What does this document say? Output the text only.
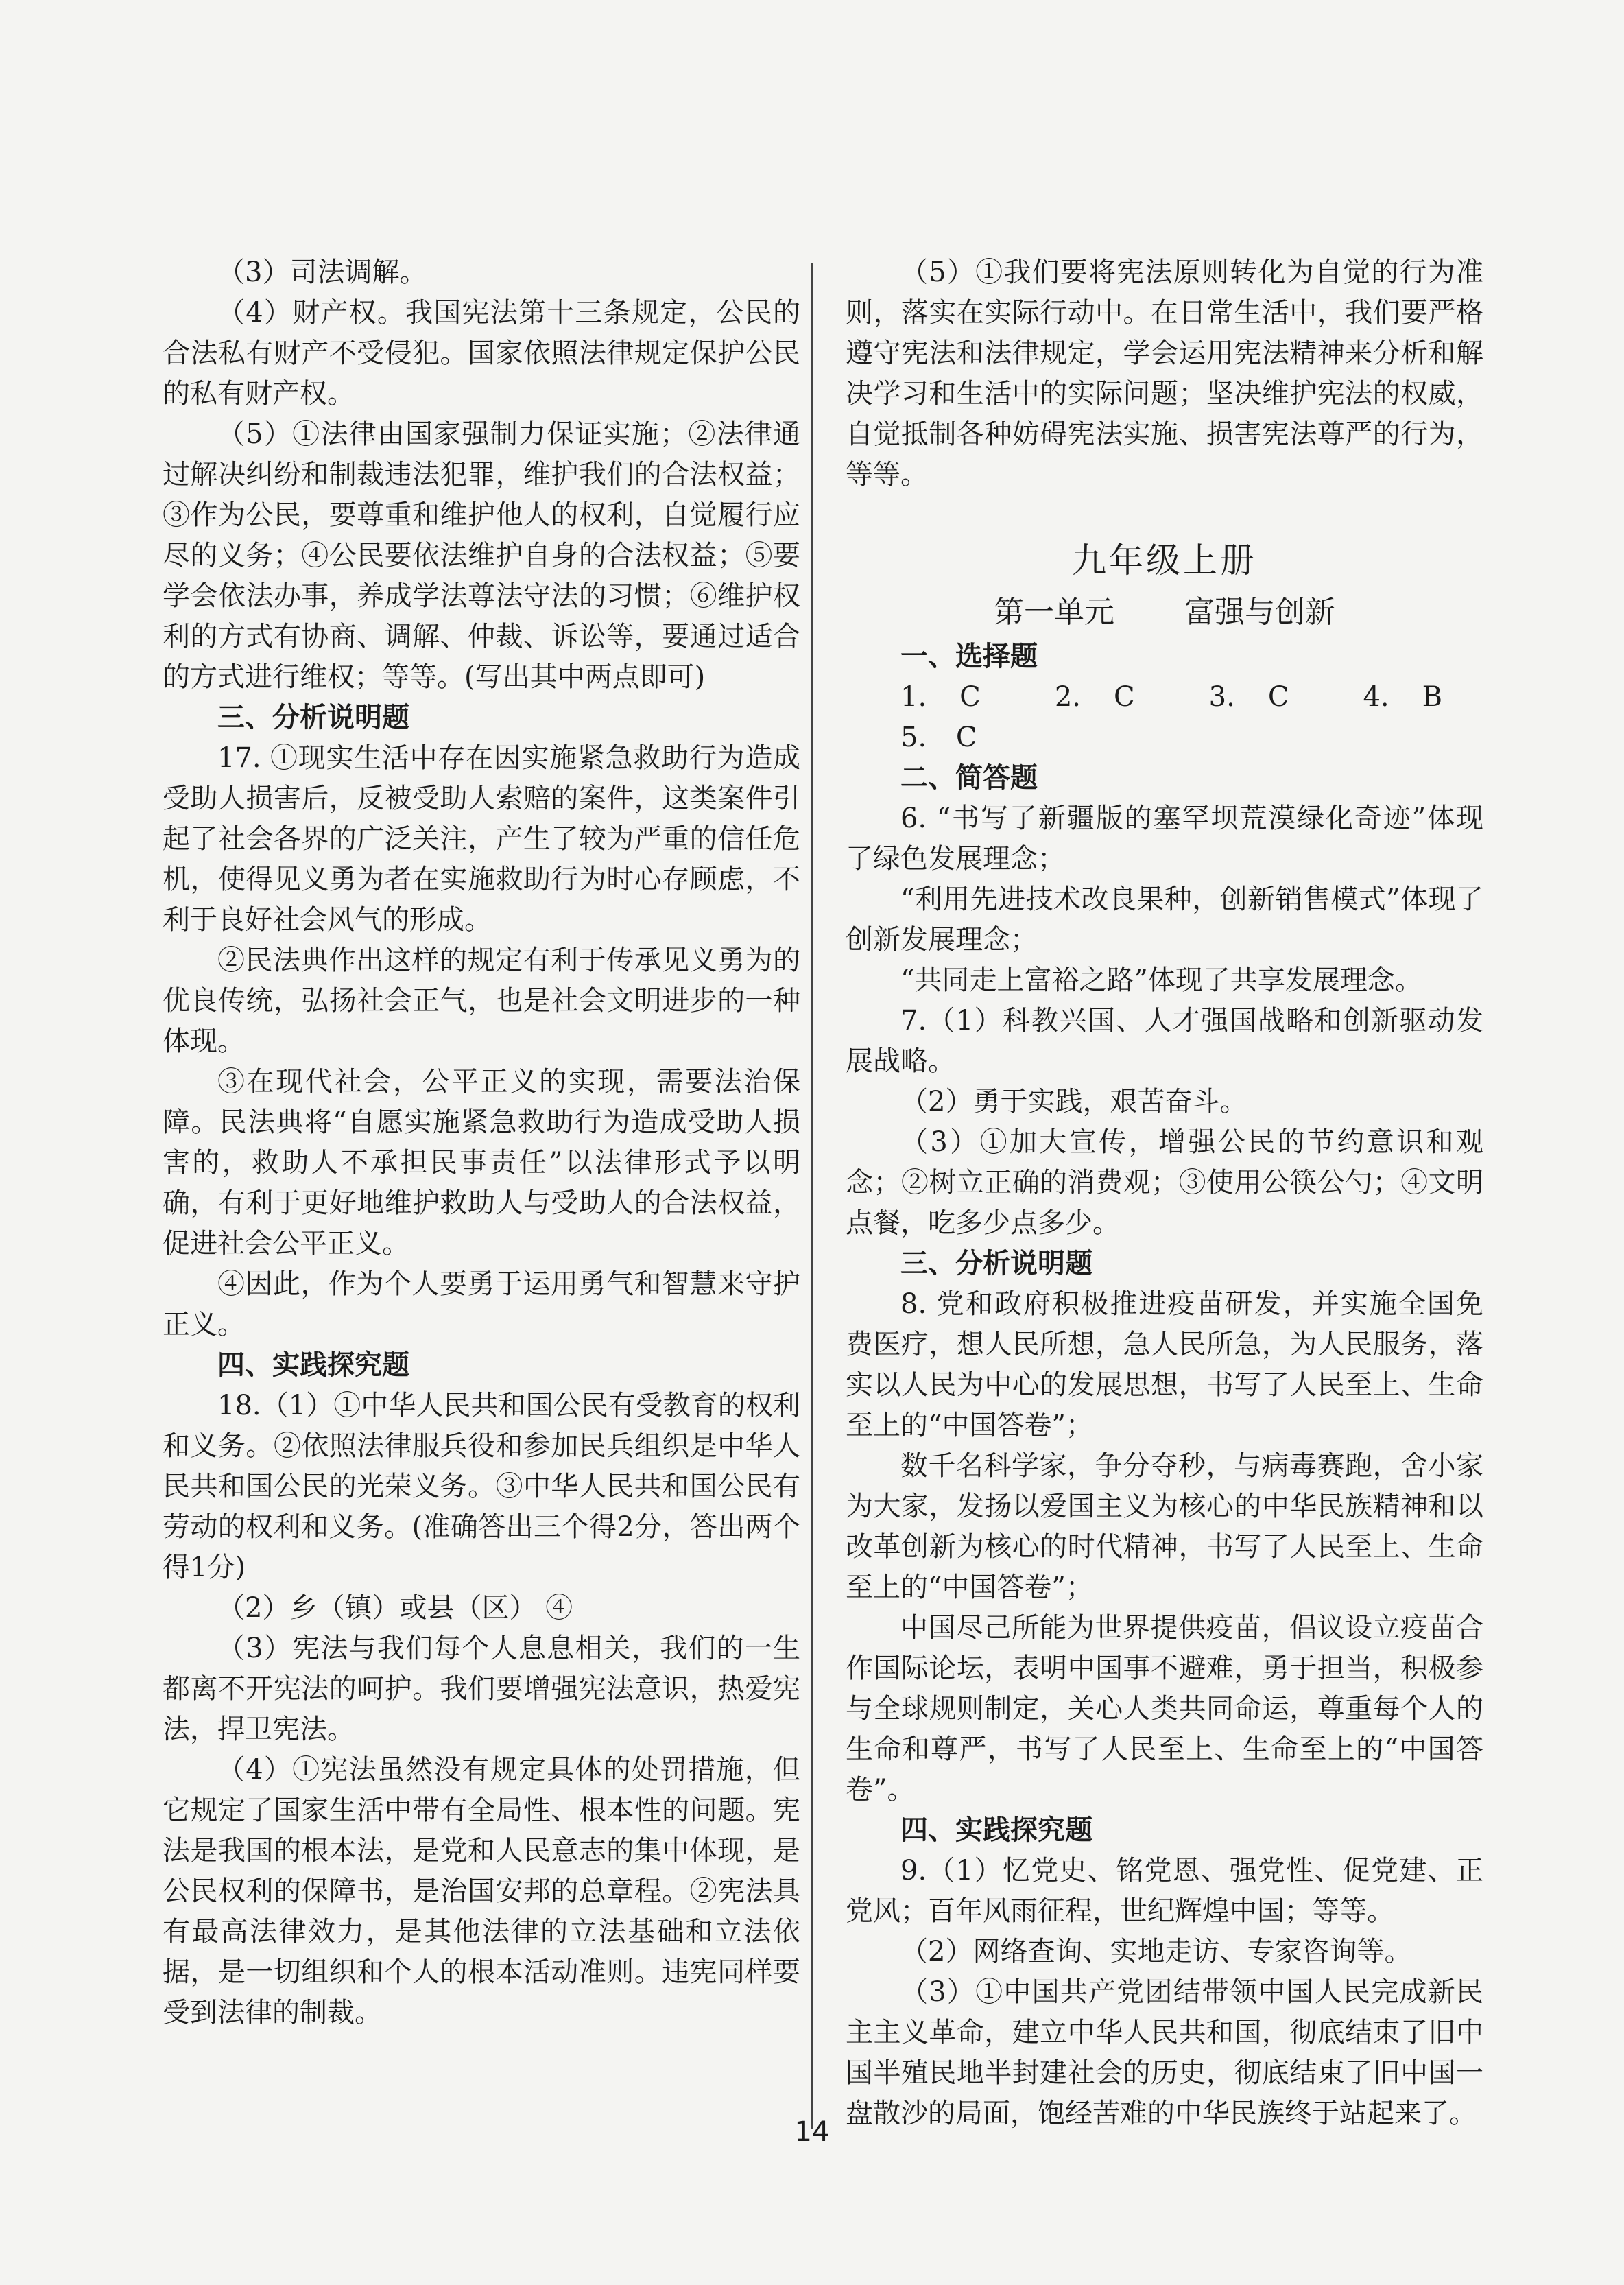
（3）司法调解。

（4）财产权。我国宪法第十三条规定，公民的合法私有财产不受侵犯。国家依照法律规定保护公民的私有财产权。

（5）①法律由国家强制力保证实施；②法律通过解决纠纷和制裁违法犯罪，维护我们的合法权益；③作为公民，要尊重和维护他人的权利，自觉履行应尽的义务；④公民要依法维护自身的合法权益；⑤要学会依法办事，养成学法尊法守法的习惯；⑥维护权利的方式有协商、调解、仲裁、诉讼等，要通过适合的方式进行维权；等等。(写出其中两点即可)

三、分析说明题

17. ①现实生活中存在因实施紧急救助行为造成受助人损害后，反被受助人索赔的案件，这类案件引起了社会各界的广泛关注，产生了较为严重的信任危机，使得见义勇为者在实施救助行为时心存顾虑，不利于良好社会风气的形成。

②民法典作出这样的规定有利于传承见义勇为的优良传统，弘扬社会正气，也是社会文明进步的一种体现。

③在现代社会，公平正义的实现，需要法治保障。民法典将“自愿实施紧急救助行为造成受助人损害的，救助人不承担民事责任”以法律形式予以明确，有利于更好地维护救助人与受助人的合法权益，促进社会公平正义。

④因此，作为个人要勇于运用勇气和智慧来守护正义。

四、实践探究题

18.（1）①中华人民共和国公民有受教育的权利和义务。②依照法律服兵役和参加民兵组织是中华人民共和国公民的光荣义务。③中华人民共和国公民有劳动的权利和义务。(准确答出三个得2分，答出两个得1分)

（2）乡（镇）或县（区） ④

（3）宪法与我们每个人息息相关，我们的一生都离不开宪法的呵护。我们要增强宪法意识，热爱宪法，捍卫宪法。

（4）①宪法虽然没有规定具体的处罚措施，但它规定了国家生活中带有全局性、根本性的问题。宪法是我国的根本法，是党和人民意志的集中体现，是公民权利的保障书，是治国安邦的总章程。②宪法具有最高法律效力，是其他法律的立法基础和立法依据，是一切组织和个人的根本活动准则。违宪同样要受到法律的制裁。

（5）①我们要将宪法原则转化为自觉的行为准则，落实在实际行动中。在日常生活中，我们要严格遵守宪法和法律规定，学会运用宪法精神来分析和解决学习和生活中的实际问题；坚决维护宪法的权威，自觉抵制各种妨碍宪法实施、损害宪法尊严的行为，等等。

九年级上册
第一单元 富强与创新

一、选择题

1. C	2. C	3. C	4. B 5. C

二、简答题

6. “书写了新疆版的塞罕坝荒漠绿化奇迹”体现了绿色发展理念；

“利用先进技术改良果种，创新销售模式”体现了创新发展理念；

“共同走上富裕之路”体现了共享发展理念。

7.（1）科教兴国、人才强国战略和创新驱动发展战略。

（2）勇于实践，艰苦奋斗。

（3）①加大宣传，增强公民的节约意识和观念；②树立正确的消费观；③使用公筷公勺；④文明点餐，吃多少点多少。

三、分析说明题

8. 党和政府积极推进疫苗研发，并实施全国免费医疗，想人民所想，急人民所急，为人民服务，落实以人民为中心的发展思想，书写了人民至上、生命至上的“中国答卷”；

数千名科学家，争分夺秒，与病毒赛跑，舍小家为大家，发扬以爱国主义为核心的中华民族精神和以改革创新为核心的时代精神，书写了人民至上、生命至上的“中国答卷”；

中国尽己所能为世界提供疫苗，倡议设立疫苗合作国际论坛，表明中国事不避难，勇于担当，积极参与全球规则制定，关心人类共同命运，尊重每个人的生命和尊严，书写了人民至上、生命至上的“中国答卷”。

四、实践探究题

9.（1）忆党史、铭党恩、强党性、促党建、正党风；百年风雨征程，世纪辉煌中国；等等。

（2）网络查询、实地走访、专家咨询等。

（3）①中国共产党团结带领中国人民完成新民主主义革命，建立中华人民共和国，彻底结束了旧中国半殖民地半封建社会的历史，彻底结束了旧中国一盘散沙的局面，饱经苦难的中华民族终于站起来了。

14
